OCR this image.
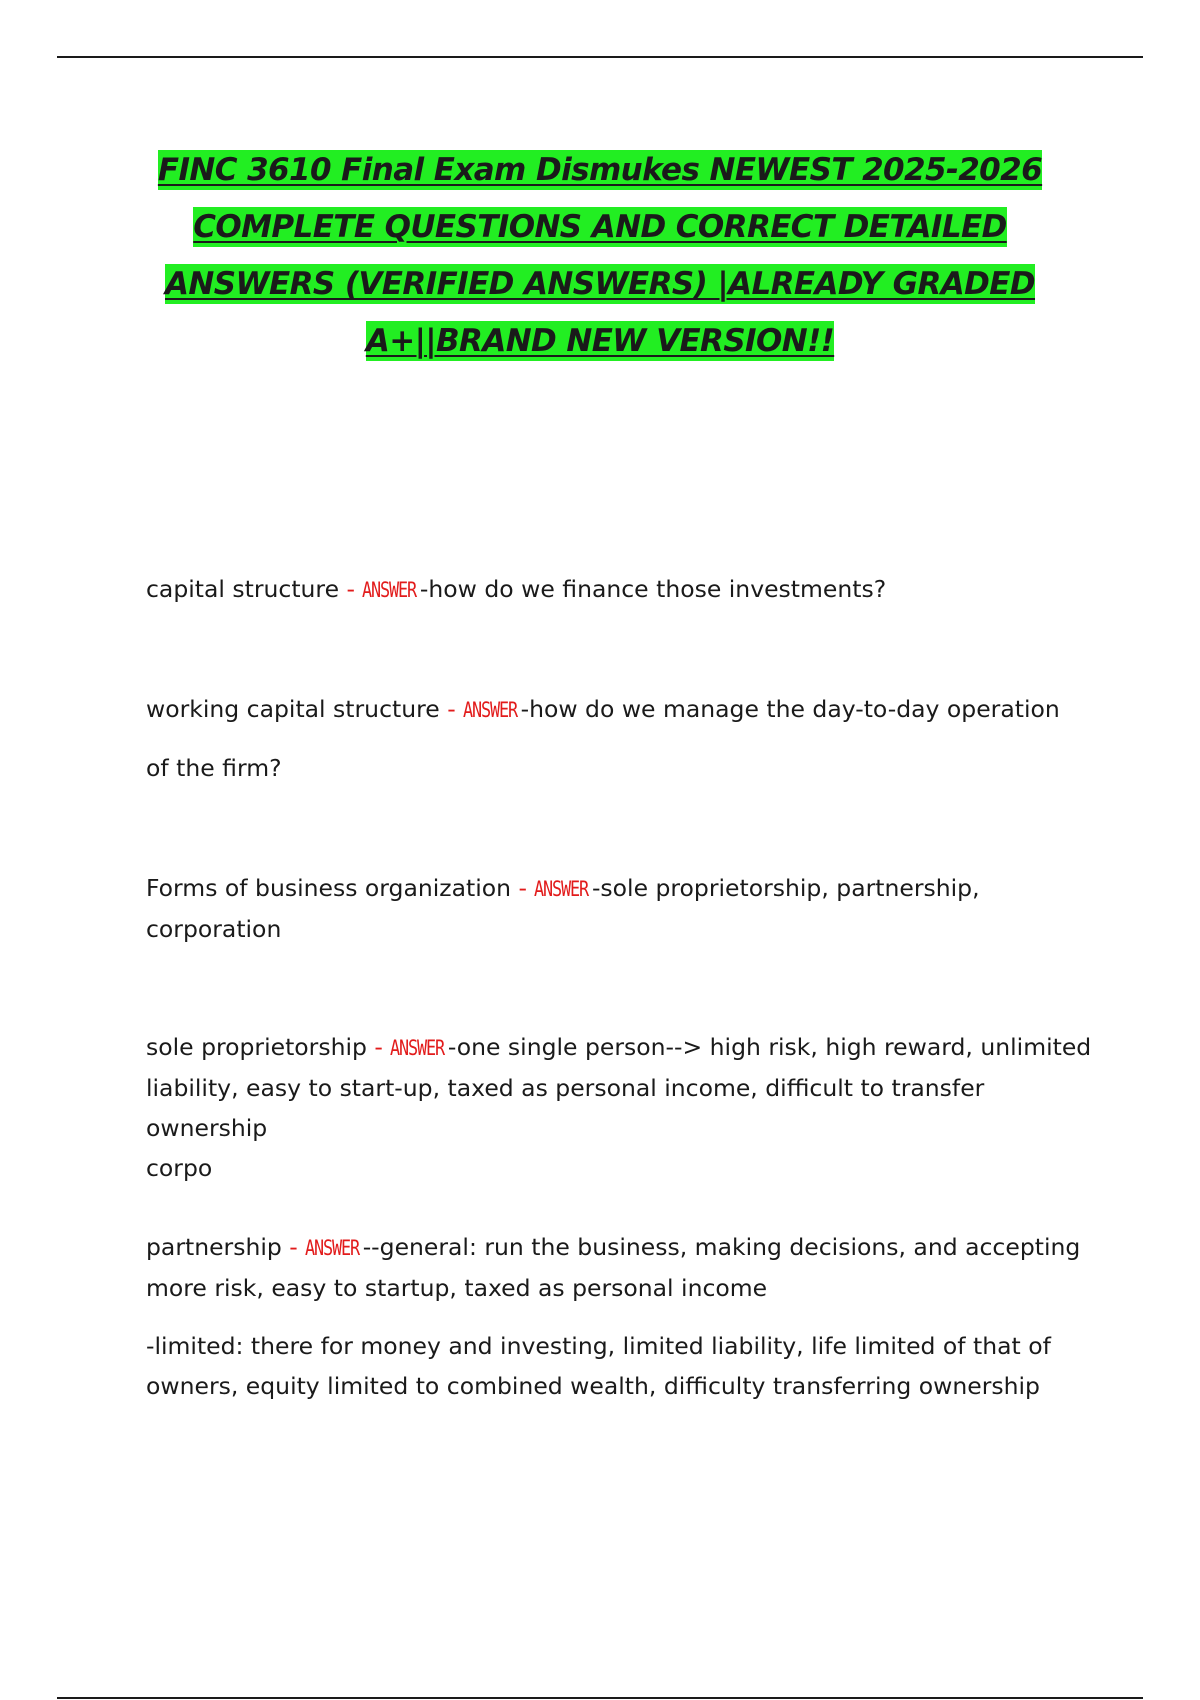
FINC 3610 Final Exam Dismukes NEWEST 2025-2026
COMPLETE QUESTIONS AND CORRECT DETAILED
ANSWERS (VERIFIED ANSWERS) |ALREADY GRADED
A+||BRAND NEW VERSION!!

capital structure - ANSWER -how do we finance those investments?

working capital structure - ANSWER -how do we manage the day-to-day operation
of the firm?

Forms of business organization - ANSWER -sole proprietorship, partnership,
corporation

sole proprietorship - ANSWER -one single person--> high risk, high reward, unlimited
liability, easy to start-up, taxed as personal income, difficult to transfer ownership
corpo

partnership - ANSWER --general: run the business, making decisions, and accepting
more risk, easy to startup, taxed as personal income

-limited: there for money and investing, limited liability, life limited of that of
owners, equity limited to combined wealth, difficulty transferring ownership
